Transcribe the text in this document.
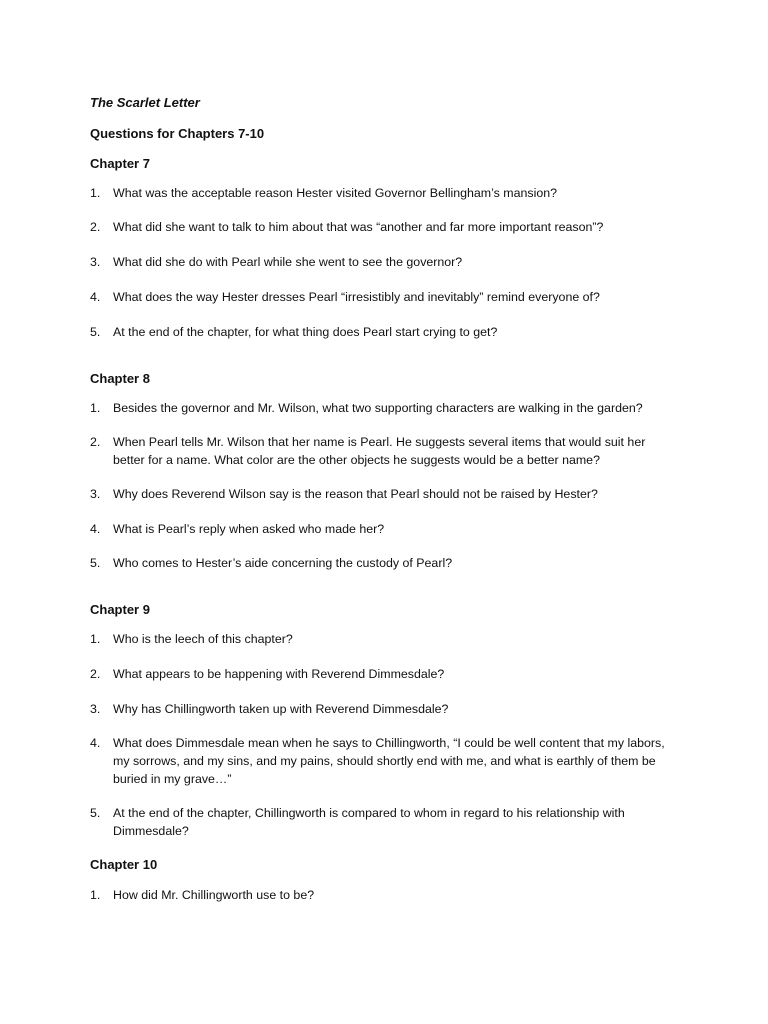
The Scarlet Letter
Questions for Chapters 7-10
Chapter 7
1. What was the acceptable reason Hester visited Governor Bellingham’s mansion?
2. What did she want to talk to him about that was “another and far more important reason”?
3. What did she do with Pearl while she went to see the governor?
4. What does the way Hester dresses Pearl “irresistibly and inevitably” remind everyone of?
5. At the end of the chapter, for what thing does Pearl start crying to get?
Chapter 8
1. Besides the governor and Mr. Wilson, what two supporting characters are walking in the garden?
2. When Pearl tells Mr. Wilson that her name is Pearl. He suggests several items that would suit her better for a name. What color are the other objects he suggests would be a better name?
3. Why does Reverend Wilson say is the reason that Pearl should not be raised by Hester?
4. What is Pearl’s reply when asked who made her?
5. Who comes to Hester’s aide concerning the custody of Pearl?
Chapter 9
1. Who is the leech of this chapter?
2. What appears to be happening with Reverend Dimmesdale?
3. Why has Chillingworth taken up with Reverend Dimmesdale?
4. What does Dimmesdale mean when he says to Chillingworth, “I could be well content that my labors, my sorrows, and my sins, and my pains, should shortly end with me, and what is earthly of them be buried in my grave…”
5. At the end of the chapter, Chillingworth is compared to whom in regard to his relationship with Dimmesdale?
Chapter 10
1. How did Mr. Chillingworth use to be?
